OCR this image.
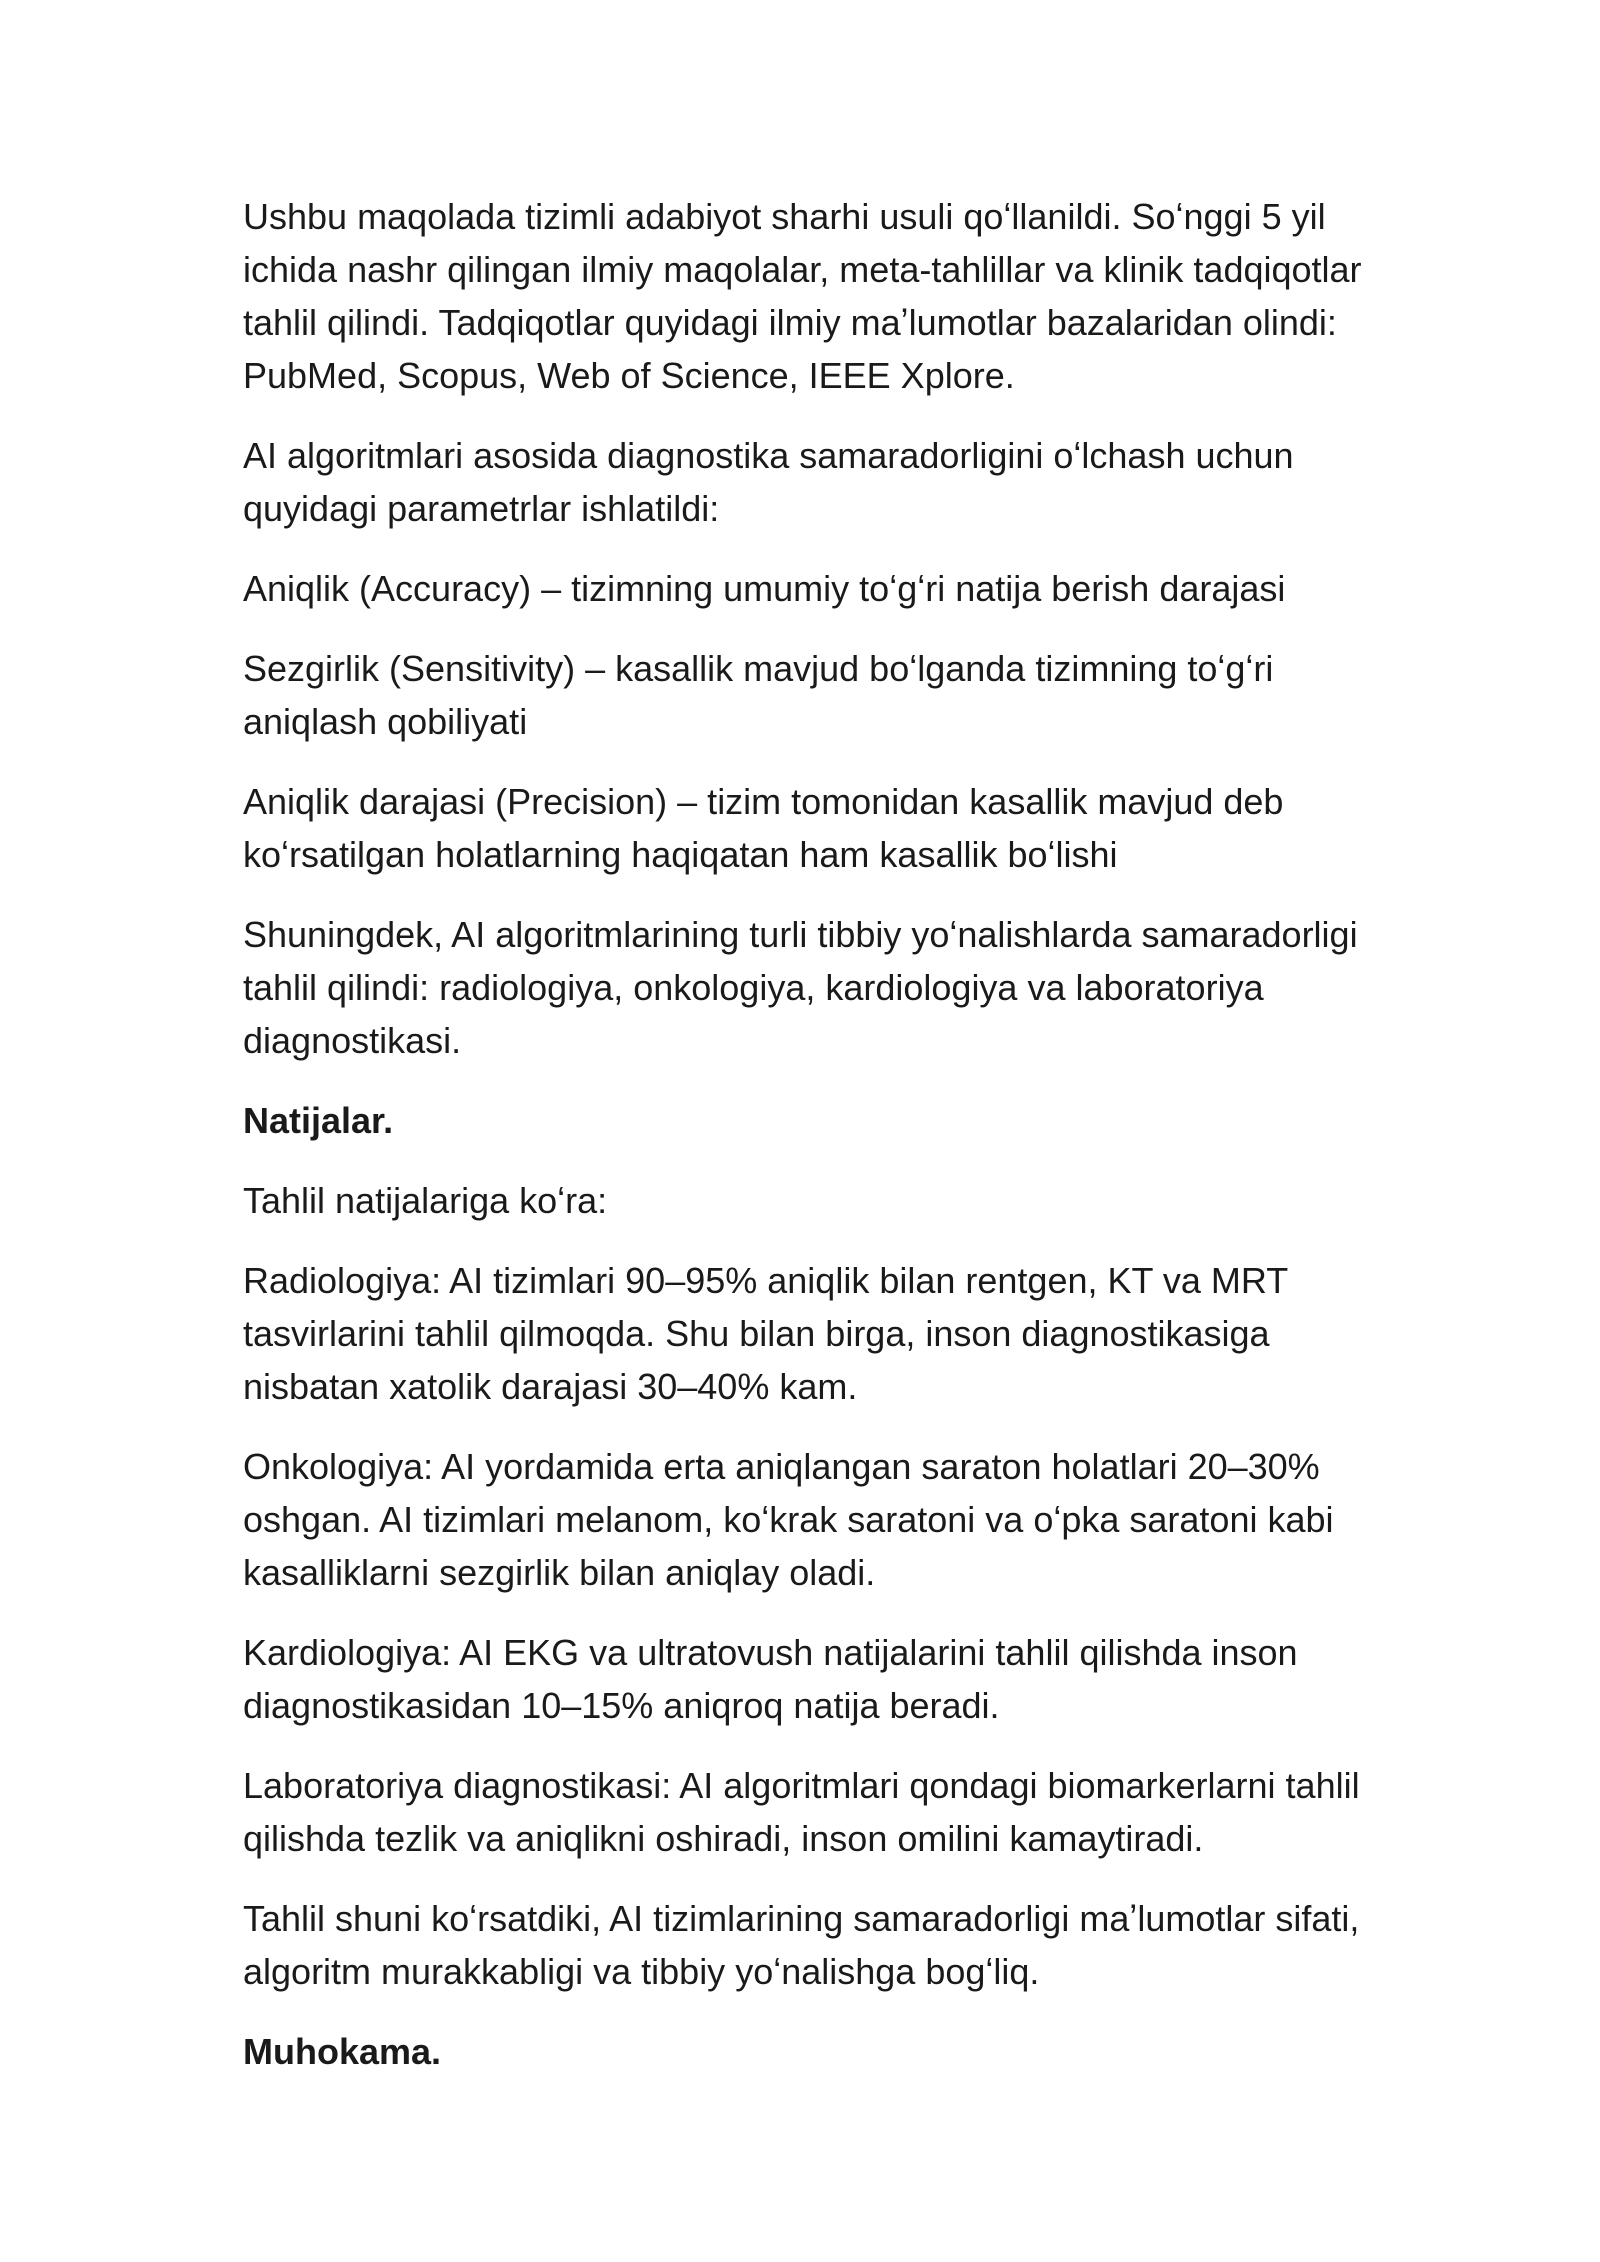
Ushbu maqolada tizimli adabiyot sharhi usuli qoʻllanildi. Soʻnggi 5 yil ichida nashr qilingan ilmiy maqolalar, meta-tahlillar va klinik tadqiqotlar tahlil qilindi. Tadqiqotlar quyidagi ilmiy maʼlumotlar bazalaridan olindi: PubMed, Scopus, Web of Science, IEEE Xplore.

AI algoritmlari asosida diagnostika samaradorligini oʻlchash uchun quyidagi parametrlar ishlatildi:

Aniqlik (Accuracy) – tizimning umumiy toʻgʻri natija berish darajasi

Sezgirlik (Sensitivity) – kasallik mavjud boʻlganda tizimning toʻgʻri aniqlash qobiliyati

Aniqlik darajasi (Precision) – tizim tomonidan kasallik mavjud deb koʻrsatilgan holatlarning haqiqatan ham kasallik boʻlishi

Shuningdek, AI algoritmlarining turli tibbiy yoʻnalishlarda samaradorligi tahlil qilindi: radiologiya, onkologiya, kardiologiya va laboratoriya diagnostikasi.

Natijalar.

Tahlil natijalariga koʻra:

Radiologiya: AI tizimlari 90–95% aniqlik bilan rentgen, KT va MRT tasvirlarini tahlil qilmoqda. Shu bilan birga, inson diagnostikasiga nisbatan xatolik darajasi 30–40% kam.

Onkologiya: AI yordamida erta aniqlangan saraton holatlari 20–30% oshgan. AI tizimlari melanom, koʻkrak saratoni va oʻpka saratoni kabi kasalliklarni sezgirlik bilan aniqlay oladi.

Kardiologiya: AI EKG va ultratovush natijalarini tahlil qilishda inson diagnostikasidan 10–15% aniqroq natija beradi.

Laboratoriya diagnostikasi: AI algoritmlari qondagi biomarkerlarni tahlil qilishda tezlik va aniqlikni oshiradi, inson omilini kamaytiradi.

Tahlil shuni koʻrsatdiki, AI tizimlarining samaradorligi maʼlumotlar sifati, algoritm murakkabligi va tibbiy yoʻnalishga bogʻliq.

Muhokama.
